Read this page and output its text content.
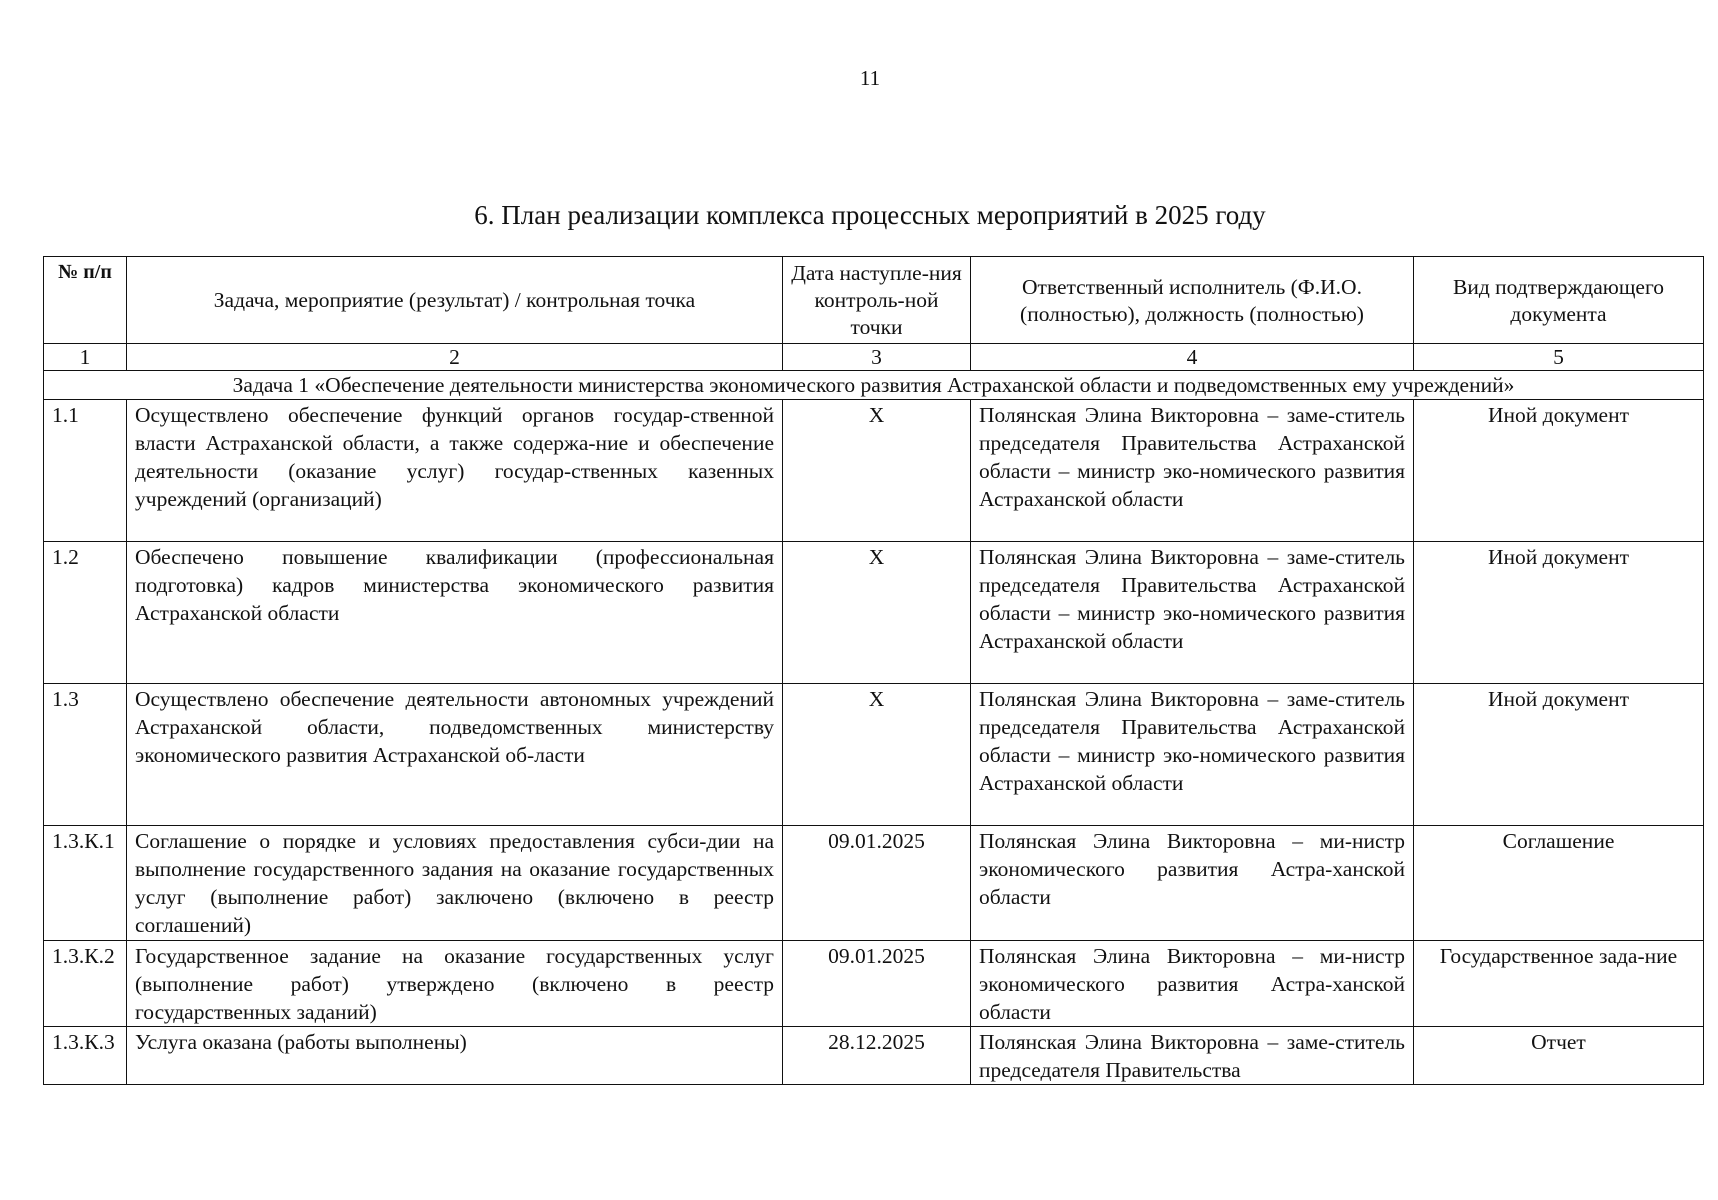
11
6. План реализации комплекса процессных мероприятий в 2025 году
№ п/п	Задача, мероприятие (результат) / контрольная точка	Дата наступле-ния контроль-ной точки	Ответственный исполнитель (Ф.И.О. (полностью), должность (полностью)	Вид подтверждающего документа
1	2	3	4	5
Задача 1 «Обеспечение деятельности министерства экономического развития Астраханской области и подведомственных ему учреждений»				
1.1	Осуществлено обеспечение функций органов государ-ственной власти Астраханской области, а также содержа-ние и обеспечение деятельности (оказание услуг) государ-ственных казенных учреждений (организаций)	X	Полянская Элина Викторовна – заме-ститель председателя Правительства Астраханской области – министр эко-номического развития Астраханской области	Иной документ
1.2	Обеспечено повышение квалификации (профессиональная подготовка) кадров министерства экономического развития Астраханской области	X	Полянская Элина Викторовна – заме-ститель председателя Правительства Астраханской области – министр эко-номического развития Астраханской области	Иной документ
1.3	Осуществлено обеспечение деятельности автономных учреждений Астраханской области, подведомственных министерству экономического развития Астраханской об-ласти	X	Полянская Элина Викторовна – заме-ститель председателя Правительства Астраханской области – министр эко-номического развития Астраханской области	Иной документ
1.3.К.1	Соглашение о порядке и условиях предоставления субси-дии на выполнение государственного задания на оказание государственных услуг (выполнение работ) заключено (включено в реестр соглашений)	09.01.2025	Полянская Элина Викторовна – ми-нистр экономического развития Астра-ханской области	Соглашение
1.3.К.2	Государственное задание на оказание государственных услуг (выполнение работ) утверждено (включено в реестр государственных заданий)	09.01.2025	Полянская Элина Викторовна – ми-нистр экономического развития Астра-ханской области	Государственное зада-ние
1.3.К.3	Услуга оказана (работы выполнены)	28.12.2025	Полянская Элина Викторовна – заме-ститель председателя Правительства	Отчет
